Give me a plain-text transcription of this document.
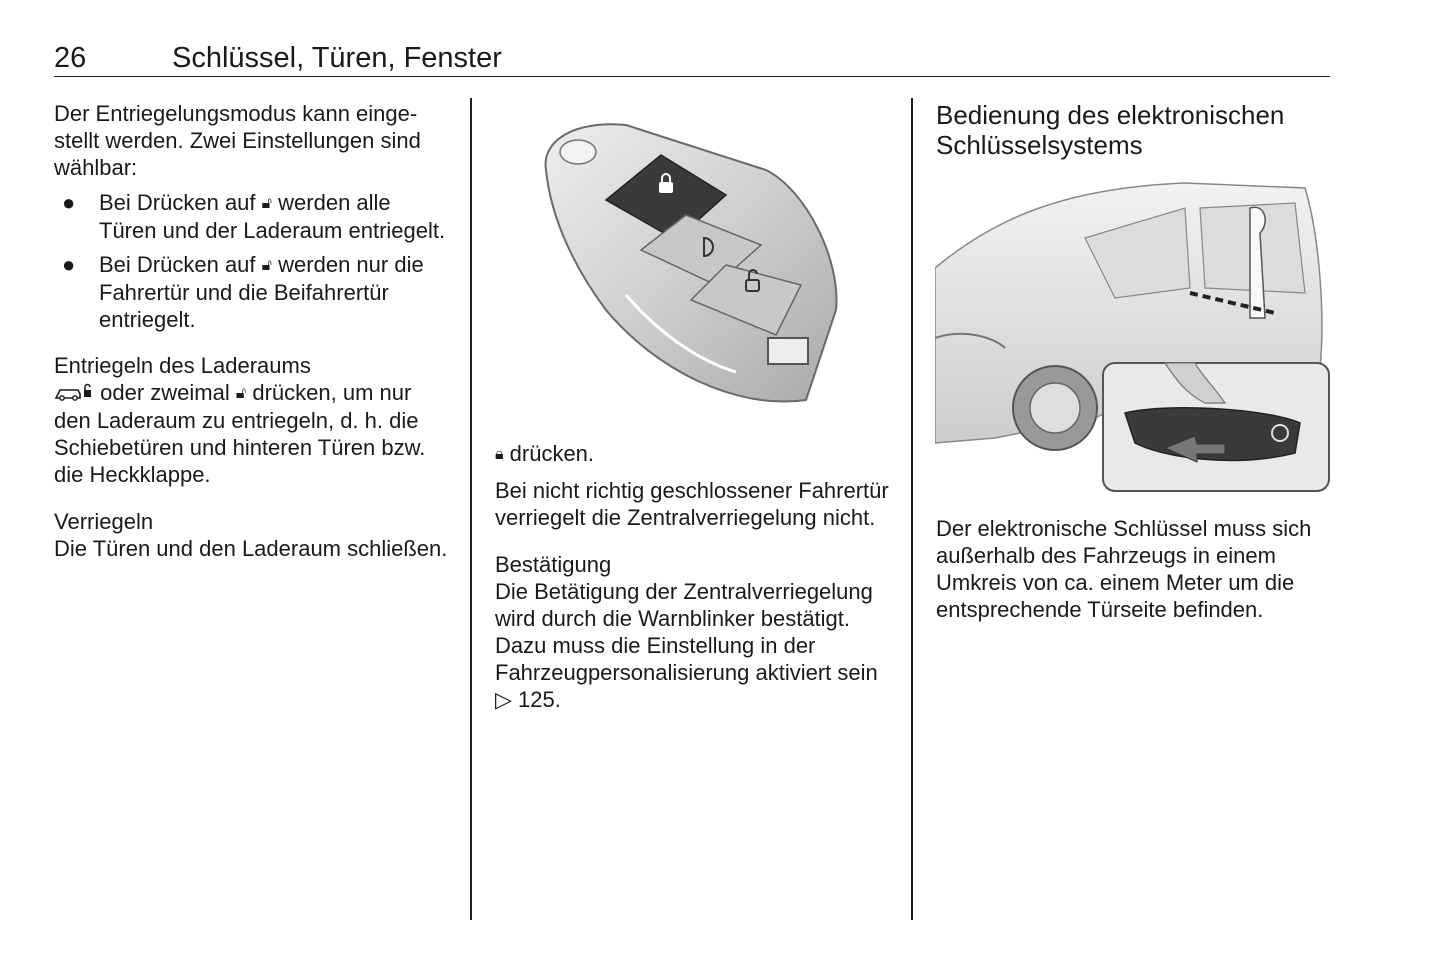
26	Schlüssel, Türen, Fenster

Der Entriegelungsmodus kann eingestellt werden. Zwei Einstellungen sind wählbar:

● Bei Drücken auf 🔓︎ werden alle Türen und der Laderaum entriegelt.
● Bei Drücken auf 🔓︎ werden nur die Fahrertür und die Beifahrertür entriegelt.

Entriegeln des Laderaums

oder zweimal 🔓︎ drücken, um nur den Laderaum zu entriegeln, d. h. die Schiebetüren und hinteren Türen bzw. die Heckklappe.

Verriegeln

Die Türen und den Laderaum schließen.

🔒︎ drücken.

Bei nicht richtig geschlossener Fahrertür verriegelt die Zentralverriegelung nicht.

Bestätigung

Die Betätigung der Zentralverriegelung wird durch die Warnblinker bestätigt. Dazu muss die Einstellung in der Fahrzeugpersonalisierung aktiviert sein ▷ 125.

Bedienung des elektronischen Schlüsselsystems

Der elektronische Schlüssel muss sich außerhalb des Fahrzeugs in einem Umkreis von ca. einem Meter um die entsprechende Türseite befinden.
